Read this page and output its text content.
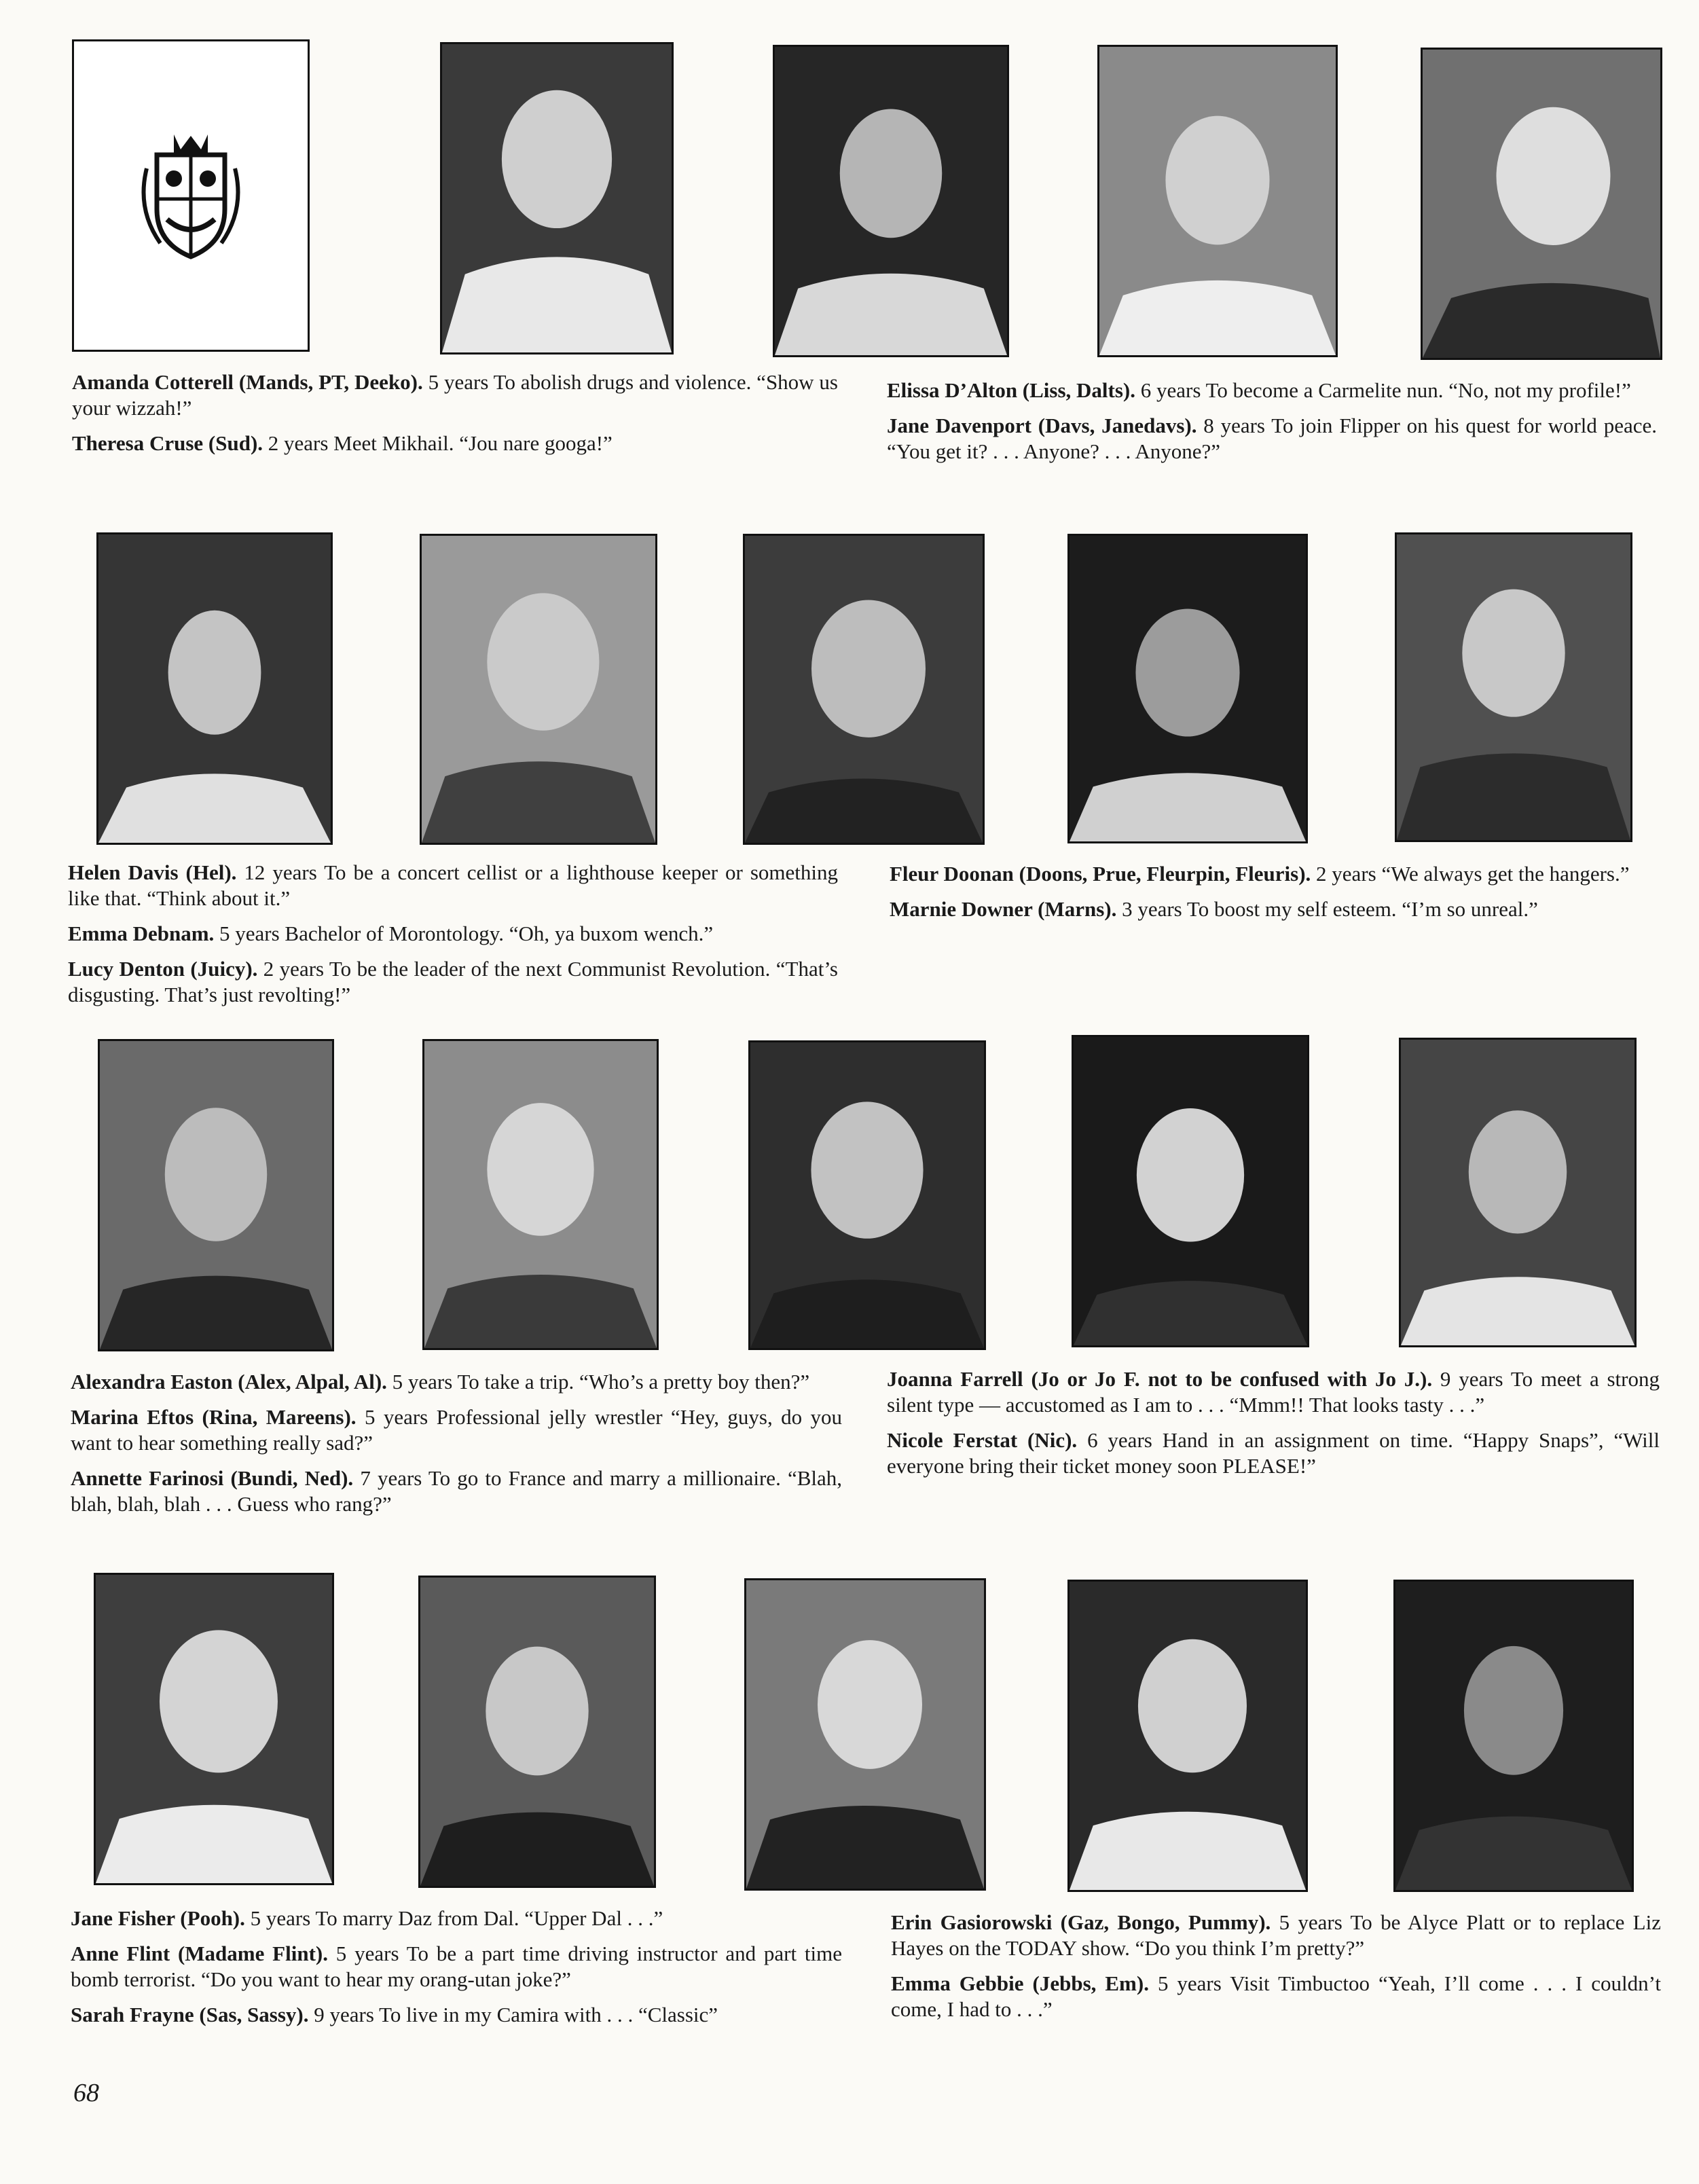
Amanda Cotterell (Mands, PT, Deeko). 5 years To abolish drugs and violence. “Show us your wizzah!”
Theresa Cruse (Sud). 2 years Meet Mikhail. “Jou nare googa!”
Elissa D’Alton (Liss, Dalts). 6 years To become a Carmelite nun. “No, not my profile!”
Jane Davenport (Davs, Janedavs). 8 years To join Flipper on his quest for world peace. “You get it? . . . Anyone? . . . Anyone?”
Helen Davis (Hel). 12 years To be a concert cellist or a lighthouse keeper or something like that. “Think about it.”
Emma Debnam. 5 years Bachelor of Morontology. “Oh, ya buxom wench.”
Lucy Denton (Juicy). 2 years To be the leader of the next Communist Revolution. “That’s disgusting. That’s just revolting!”
Fleur Doonan (Doons, Prue, Fleurpin, Fleuris). 2 years “We always get the hangers.”
Marnie Downer (Marns). 3 years To boost my self esteem. “I’m so unreal.”
Alexandra Easton (Alex, Alpal, Al). 5 years To take a trip. “Who’s a pretty boy then?”
Marina Eftos (Rina, Mareens). 5 years Professional jelly wrestler “Hey, guys, do you want to hear something really sad?”
Annette Farinosi (Bundi, Ned). 7 years To go to France and marry a millionaire. “Blah, blah, blah, blah . . . Guess who rang?”
Joanna Farrell (Jo or Jo F. not to be confused with Jo J.). 9 years To meet a strong silent type — accustomed as I am to . . . “Mmm!! That looks tasty . . .”
Nicole Ferstat (Nic). 6 years Hand in an assignment on time. “Happy Snaps”, “Will everyone bring their ticket money soon PLEASE!”
Jane Fisher (Pooh). 5 years To marry Daz from Dal. “Upper Dal . . .”
Anne Flint (Madame Flint). 5 years To be a part time driving instructor and part time bomb terrorist. “Do you want to hear my orang-utan joke?”
Sarah Frayne (Sas, Sassy). 9 years To live in my Camira with . . . “Classic”
Erin Gasiorowski (Gaz, Bongo, Pummy). 5 years To be Alyce Platt or to replace Liz Hayes on the TODAY show. “Do you think I’m pretty?”
Emma Gebbie (Jebbs, Em). 5 years Visit Timbuctoo “Yeah, I’ll come . . . I couldn’t come, I had to . . .”
68
